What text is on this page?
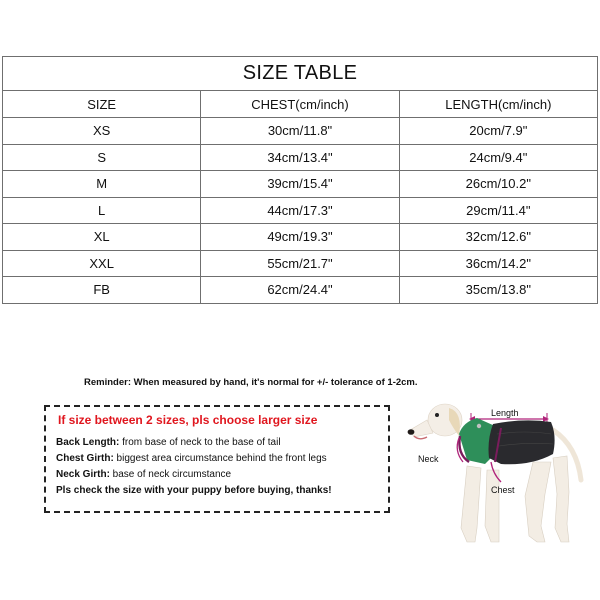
SIZE TABLE		
SIZE	CHEST(cm/inch)	LENGTH(cm/inch)
XS	30cm/11.8"	20cm/7.9"
S	34cm/13.4"	24cm/9.4"
M	39cm/15.4"	26cm/10.2"
L	44cm/17.3"	29cm/11.4"
XL	49cm/19.3"	32cm/12.6"
XXL	55cm/21.7"	36cm/14.2"
FB	62cm/24.4"	35cm/13.8"
Reminder: When measured by hand, it's normal for +/- tolerance of 1-2cm.
If size between 2 sizes, pls choose larger size
Back Length: from base of neck to the base of tail
Chest Girth: biggest area circumstance behind the front legs
Neck Girth: base of neck circumstance
Pls check the size with your puppy before buying, thanks!
Length
Neck
Chest
